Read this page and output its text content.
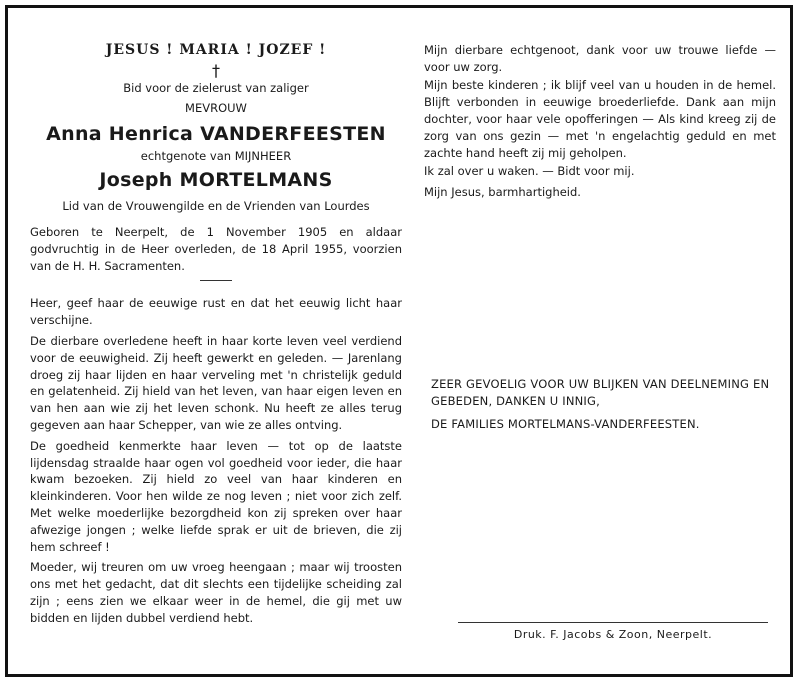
JESUS ! MARIA ! JOZEF !
†
Bid voor de zielerust van zaliger
MEVROUW
Anna Henrica VANDERFEESTEN
echtgenote van MIJNHEER
Joseph MORTELMANS
Lid van de Vrouwengilde en de Vrienden van Lourdes

Geboren te Neerpelt, de 1 November 1905 en aldaar godvruchtig in de Heer overleden, de 18 April 1955, voorzien van de H. H. Sacramenten.

Heer, geef haar de eeuwige rust en dat het eeuwig licht haar verschijne.

De dierbare overledene heeft in haar korte leven veel verdiend voor de eeuwigheid. Zij heeft gewerkt en geleden. — Jarenlang droeg zij haar lijden en haar verveling met 'n christelijk geduld en gelatenheid. Zij hield van het leven, van haar eigen leven en van hen aan wie zij het leven schonk. Nu heeft ze alles terug gegeven aan haar Schepper, van wie ze alles ontving.

De goedheid kenmerkte haar leven — tot op de laatste lijdensdag straalde haar ogen vol goedheid voor ieder, die haar kwam bezoeken. Zij hield zo veel van haar kinderen en kleinkinderen. Voor hen wilde ze nog leven ; niet voor zich zelf. Met welke moederlijke bezorgdheid kon zij spreken over haar afwezige jongen ; welke liefde sprak er uit de brieven, die zij hem schreef !

Moeder, wij treuren om uw vroeg heengaan ; maar wij troosten ons met het gedacht, dat dit slechts een tijdelijke scheiding zal zijn ; eens zien we elkaar weer in de hemel, die gij met uw bidden en lijden dubbel verdiend hebt.

Mijn dierbare echtgenoot, dank voor uw trouwe liefde — voor uw zorg.

Mijn beste kinderen ; ik blijf veel van u houden in de hemel. Blijft verbonden in eeuwige broederliefde. Dank aan mijn dochter, voor haar vele opofferingen — Als kind kreeg zij de zorg van ons gezin — met 'n engelachtig geduld en met zachte hand heeft zij mij geholpen.

Ik zal over u waken. — Bidt voor mij.

Mijn Jesus, barmhartigheid.

ZEER GEVOELIG VOOR UW BLIJKEN VAN DEELNEMING EN GEBEDEN, DANKEN U INNIG,

DE FAMILIES MORTELMANS-VANDERFEESTEN.

Druk. F. Jacobs & Zoon, Neerpelt.
